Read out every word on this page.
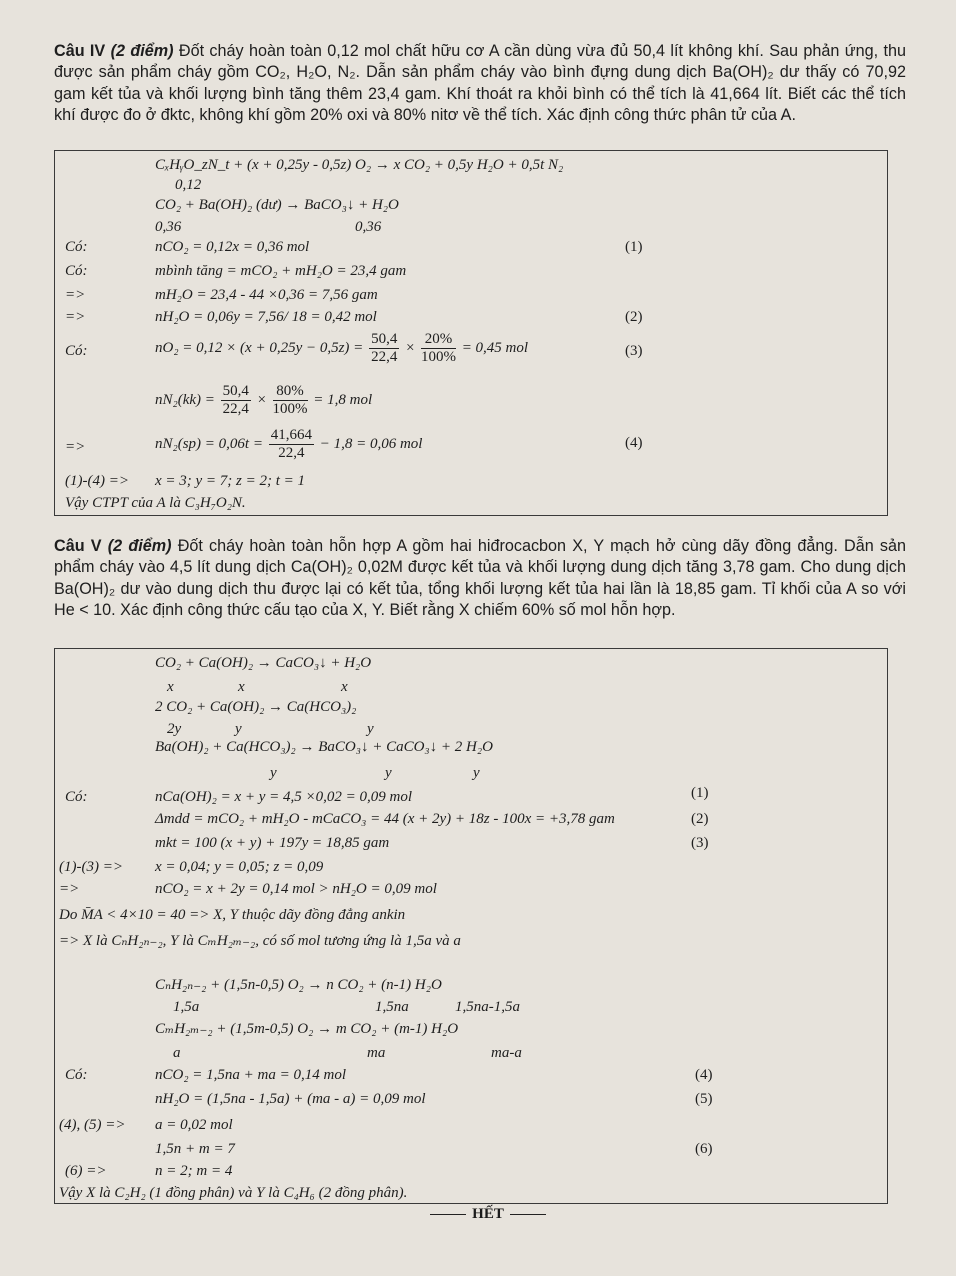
Câu IV (2 điểm) Đốt cháy hoàn toàn 0,12 mol chất hữu cơ A cần dùng vừa đủ 50,4 lít không khí. Sau phản ứng, thu được sản phẩm cháy gồm CO₂, H₂O, N₂. Dẫn sản phẩm cháy vào bình đựng dung dịch Ba(OH)₂ dư thấy có 70,92 gam kết tủa và khối lượng bình tăng thêm 23,4 gam. Khí thoát ra khỏi bình có thể tích là 41,664 lít. Biết các thể tích khí được đo ở đktc, không khí gồm 20% oxi và 80% nitơ về thể tích. Xác định công thức phân tử của A.
CₓHᵧO_zN_t + (x + 0,25y - 0,5z) O₂ → x CO₂ + 0,5y H₂O + 0,5t N₂
0,12
CO₂ + Ba(OH)₂ (dư) → BaCO₃↓ + H₂O
0,36	0,36
Có:	nCO₂ = 0,12x = 0,36 mol	(1)
Có:	mbình tăng = mCO₂ + mH₂O = 23,4 gam
=>	mH₂O = 23,4 - 44 ×0,36 = 7,56 gam
=>	nH₂O = 0,06y = 7,56/ 18 = 0,42 mol	(2)
Có:	$nO_2 = 0,12 \times (x + 0,25y - 0,5z) = \frac{50,4}{22,4} \times \frac{20\%}{100\%} = 0,45$ mol	(3)
$nN_2(kk) = \frac{50,4}{22,4} \times \frac{80\%}{100\%} = 1,8$ mol
=>	$nN_2(sp) = 0,06t = \frac{41,664}{22,4} - 1,8 = 0,06$ mol	(4)
(1)-(4) => x = 3; y = 7; z = 2; t = 1
Vậy CTPT của A là C₃H₇O₂N.
Câu V (2 điểm) Đốt cháy hoàn toàn hỗn hợp A gồm hai hiđrocacbon X, Y mạch hở cùng dãy đồng đẳng. Dẫn sản phẩm cháy vào 4,5 lít dung dịch Ca(OH)₂ 0,02M được kết tủa và khối lượng dung dịch tăng 3,78 gam. Cho dung dịch Ba(OH)₂ dư vào dung dịch thu được lại có kết tủa, tổng khối lượng kết tủa hai lần là 18,85 gam. Tỉ khối của A so với He < 10. Xác định công thức cấu tạo của X, Y. Biết rằng X chiếm 60% số mol hỗn hợp.
CO₂ + Ca(OH)₂ → CaCO₃↓ + H₂O
x	x	x
2 CO₂ + Ca(OH)₂ → Ca(HCO₃)₂
2y	y	y
Ba(OH)₂ + Ca(HCO₃)₂ → BaCO₃↓ + CaCO₃↓ + 2 H₂O
y	y	y
Có:	nCa(OH)₂ = x + y = 4,5 ×0,02 = 0,09 mol	(1)
Δmdd = mCO₂ + mH₂O - mCaCO₃ = 44 (x + 2y) + 18z - 100x = +3,78 gam	(2)
mkt = 100 (x + y) + 197y = 18,85 gam	(3)
(1)-(3) => x = 0,04; y = 0,05; z = 0,09
=>	nCO₂ = x + 2y = 0,14 mol > nH₂O = 0,09 mol
Do M̄A < 4×10 = 40 => X, Y thuộc dãy đồng đẳng ankin
=> X là CₙH₂ₙ₋₂, Y là CₘH₂ₘ₋₂, có số mol tương ứng là 1,5a và a
CₙH₂ₙ₋₂ + (1,5n-0,5) O₂ → n CO₂ + (n-1) H₂O
1,5a	1,5na	1,5na-1,5a
CₘH₂ₘ₋₂ + (1,5m-0,5) O₂ → m CO₂ + (m-1) H₂O
a	ma	ma-a
Có:	nCO₂ = 1,5na + ma = 0,14 mol	(4)
nH₂O = (1,5na - 1,5a) + (ma - a) = 0,09 mol	(5)
(4), (5) => a = 0,02 mol
1,5n + m = 7	(6)
(6) =>	n = 2; m = 4
Vậy X là C₂H₂ (1 đồng phân) và Y là C₄H₆ (2 đồng phân).
HẾT
